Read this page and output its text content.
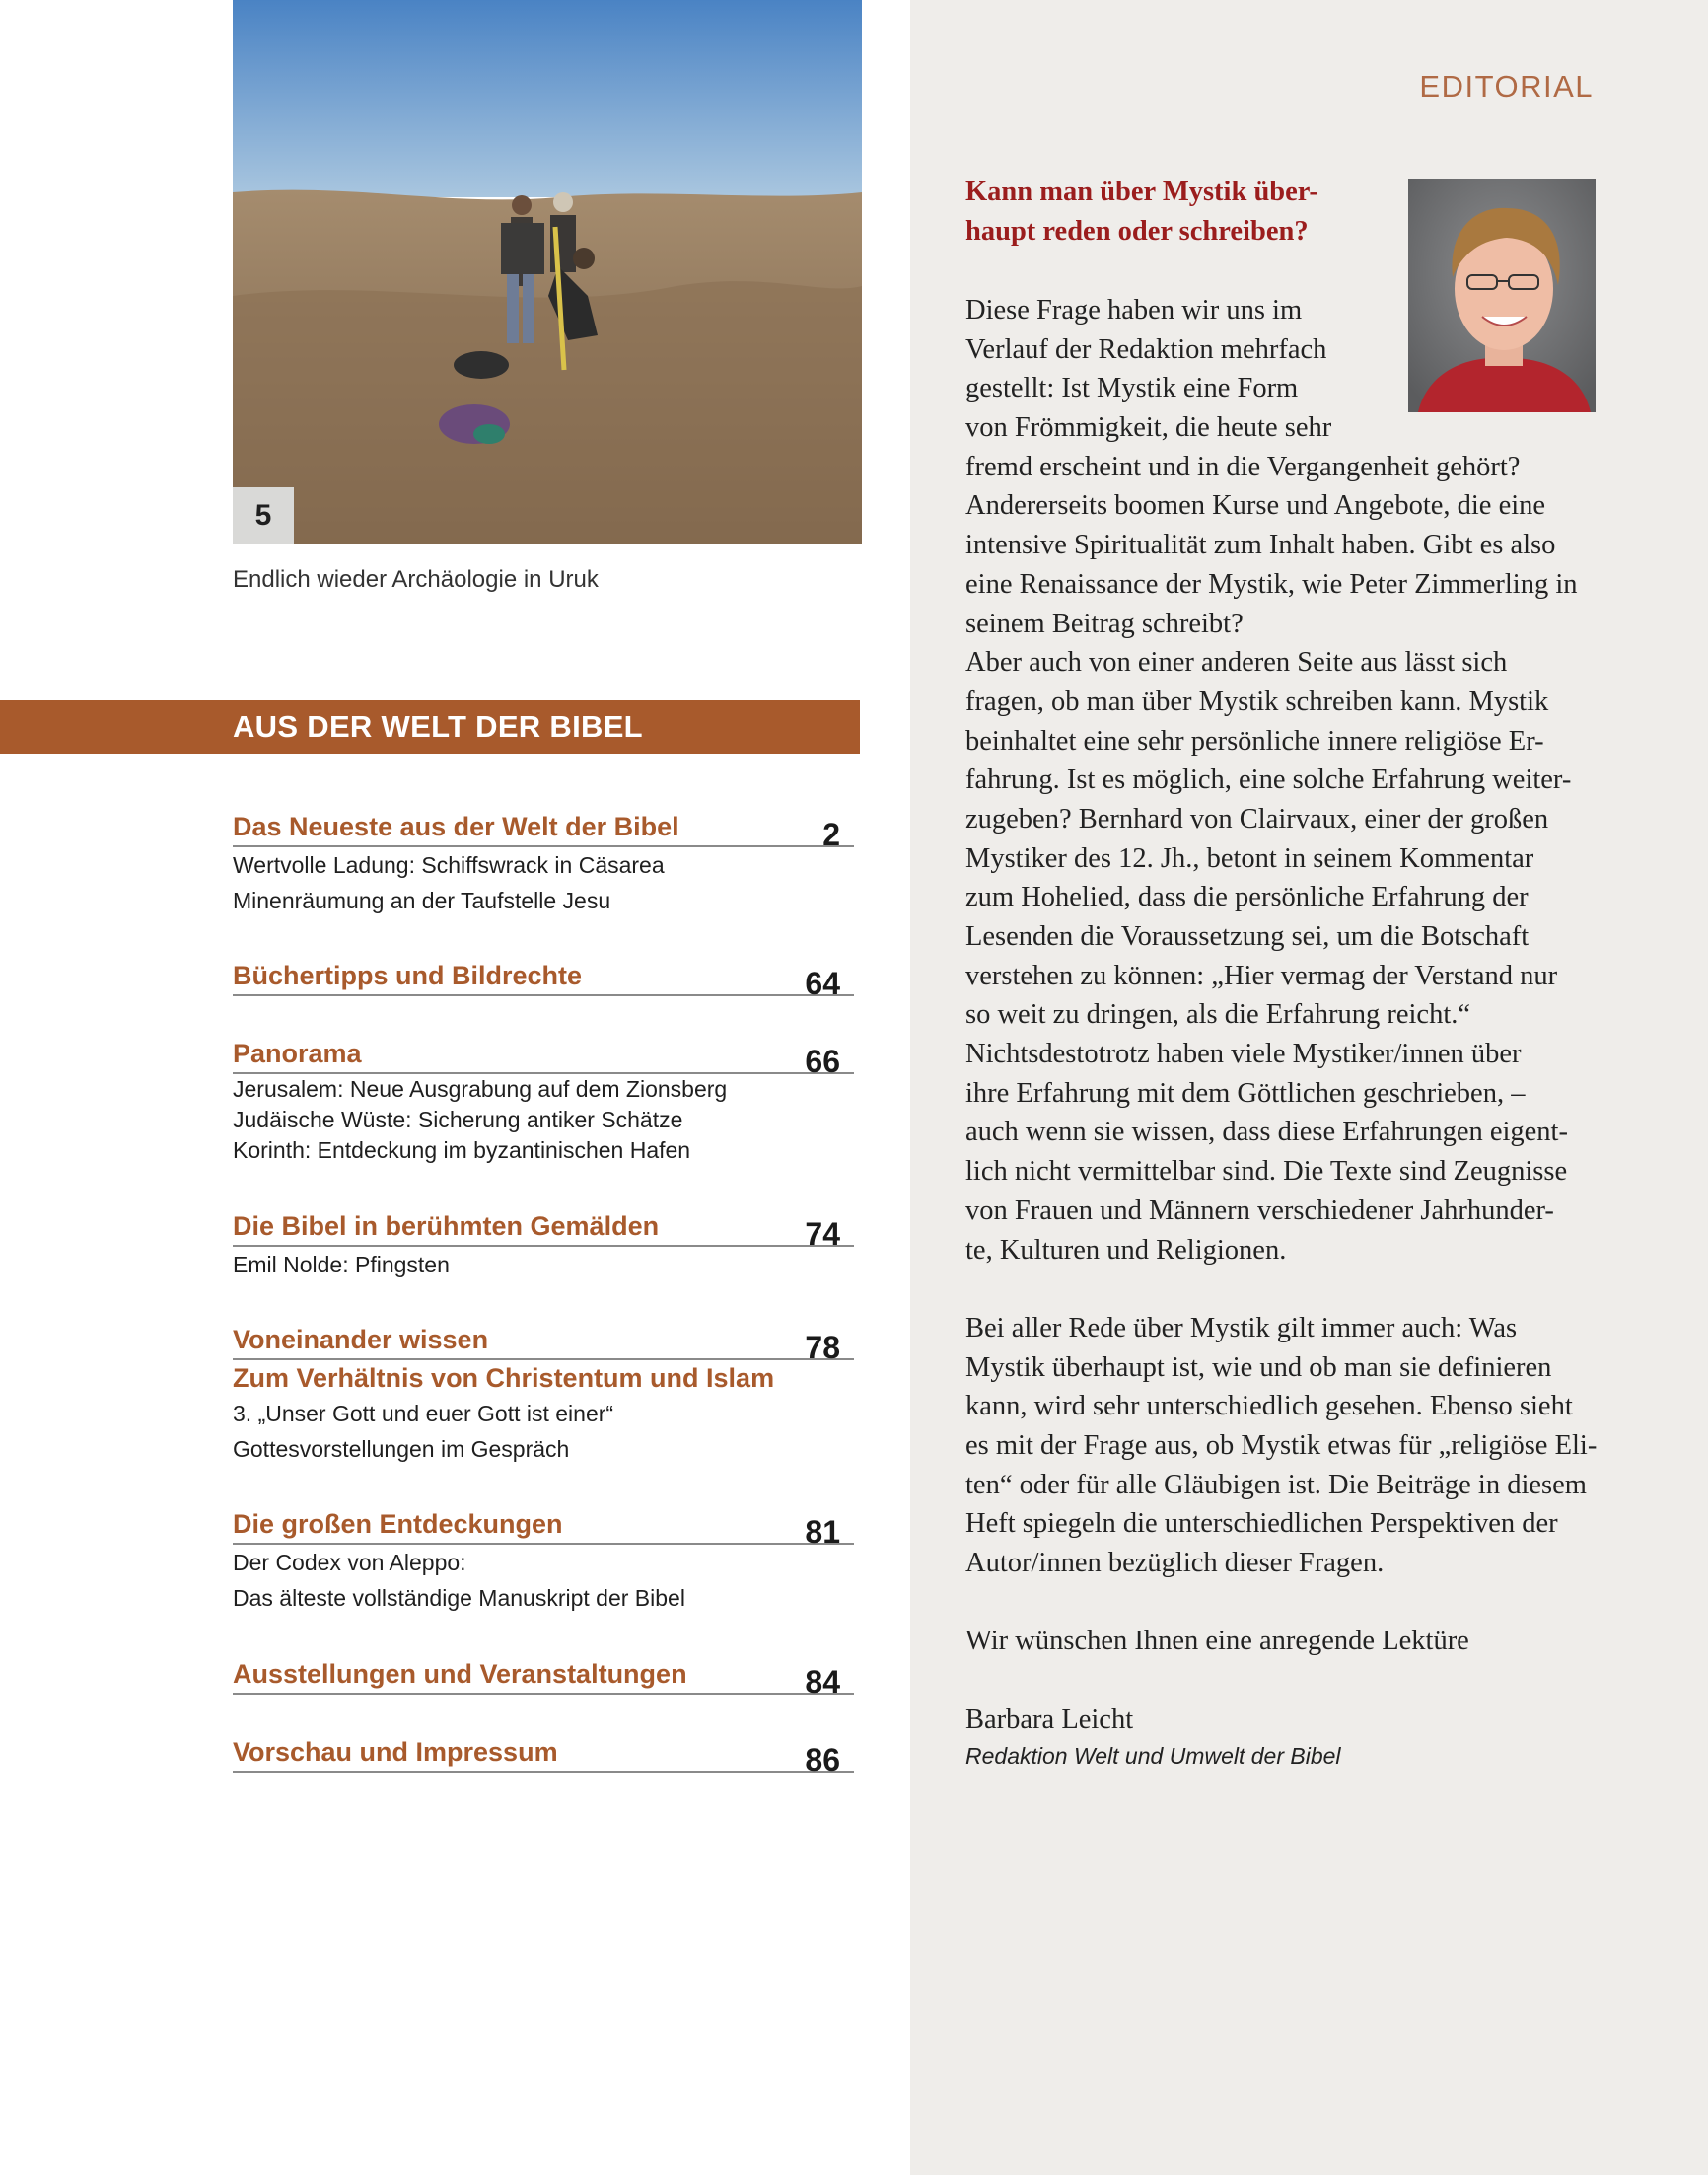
EDITORIAL
Kann man über Mystik über-
haupt reden oder schreiben?
Diese Frage haben wir uns im
Verlauf der Redaktion mehrfach
gestellt: Ist Mystik eine Form
von Frömmigkeit, die heute sehr
fremd erscheint und in die Vergangenheit gehört?
Andererseits boomen Kurse und Angebote, die eine
intensive Spiritualität zum Inhalt haben. Gibt es also
eine Renaissance der Mystik, wie Peter Zimmerling in
seinem Beitrag schreibt?
Aber auch von einer anderen Seite aus lässt sich
fragen, ob man über Mystik schreiben kann. Mystik
beinhaltet eine sehr persönliche innere religiöse Er-
fahrung. Ist es möglich, eine solche Erfahrung weiter-
zugeben? Bernhard von Clairvaux, einer der großen
Mystiker des 12. Jh., betont in seinem Kommentar
zum Hohelied, dass die persönliche Erfahrung der
Lesenden die Voraussetzung sei, um die Botschaft
verstehen zu können: „Hier vermag der Verstand nur
so weit zu dringen, als die Erfahrung reicht.“
Nichtsdestotrotz haben viele Mystiker/innen über
ihre Erfahrung mit dem Göttlichen geschrieben, –
auch wenn sie wissen, dass diese Erfahrungen eigent-
lich nicht vermittelbar sind. Die Texte sind Zeugnisse
von Frauen und Männern verschiedener Jahrhunder-
te, Kulturen und Religionen.
Bei aller Rede über Mystik gilt immer auch: Was
Mystik überhaupt ist, wie und ob man sie definieren
kann, wird sehr unterschiedlich gesehen. Ebenso sieht
es mit der Frage aus, ob Mystik etwas für „religiöse Eli-
ten“ oder für alle Gläubigen ist. Die Beiträge in diesem
Heft spiegeln die unterschiedlichen Perspektiven der
Autor/innen bezüglich dieser Fragen.
Wir wünschen Ihnen eine anregende Lektüre
Barbara Leicht
Redaktion Welt und Umwelt der Bibel
5
Endlich wieder Archäologie in Uruk
AUS DER WELT DER BIBEL
Das Neueste aus der Welt der Bibel	2
Wertvolle Ladung: Schiffswrack in Cäsarea
Minenräumung an der Taufstelle Jesu
Büchertipps und Bildrechte	64
Panorama	66
Jerusalem: Neue Ausgrabung auf dem Zionsberg
Judäische Wüste: Sicherung antiker Schätze
Korinth: Entdeckung im byzantinischen Hafen
Die Bibel in berühmten Gemälden	74
Emil Nolde: Pfingsten
Voneinander wissen	78
Zum Verhältnis von Christentum und Islam
3. „Unser Gott und euer Gott ist einer“
Gottesvorstellungen im Gespräch
Die großen Entdeckungen	81
Der Codex von Aleppo:
Das älteste vollständige Manuskript der Bibel
Ausstellungen und Veranstaltungen	84
Vorschau und Impressum	86
